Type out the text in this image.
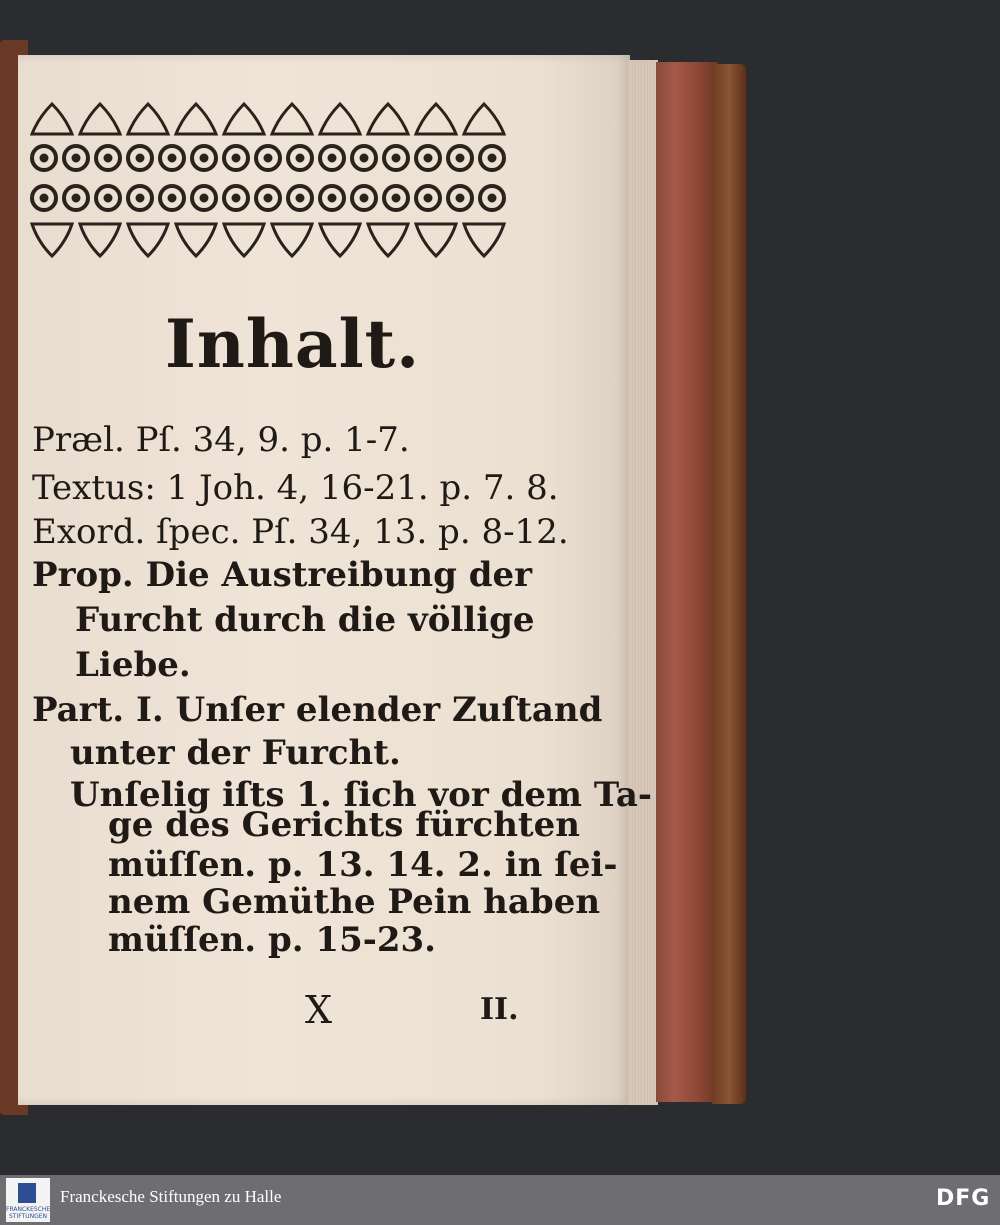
Inhalt.
Præl. Pſ. 34, 9. p. 1-7.
Textus: 1 Joh. 4, 16-21. p. 7. 8.
Exord. ſpec. Pſ. 34, 13. p. 8-12.
Prop. Die Austreibung der
Furcht durch die völlige
Liebe.
Part. I. Unſer elender Zuſtand
unter der Furcht.
Unſelig iſts 1. ſich vor dem Ta-
ge des Gerichts fürchten
müſſen. p. 13. 14. 2. in ſei-
nem Gemüthe Pein haben
müſſen. p. 15-23.
X	II.
FRANCKESCHE STIFTUNGEN
Franckesche Stiftungen zu Halle	DFG
